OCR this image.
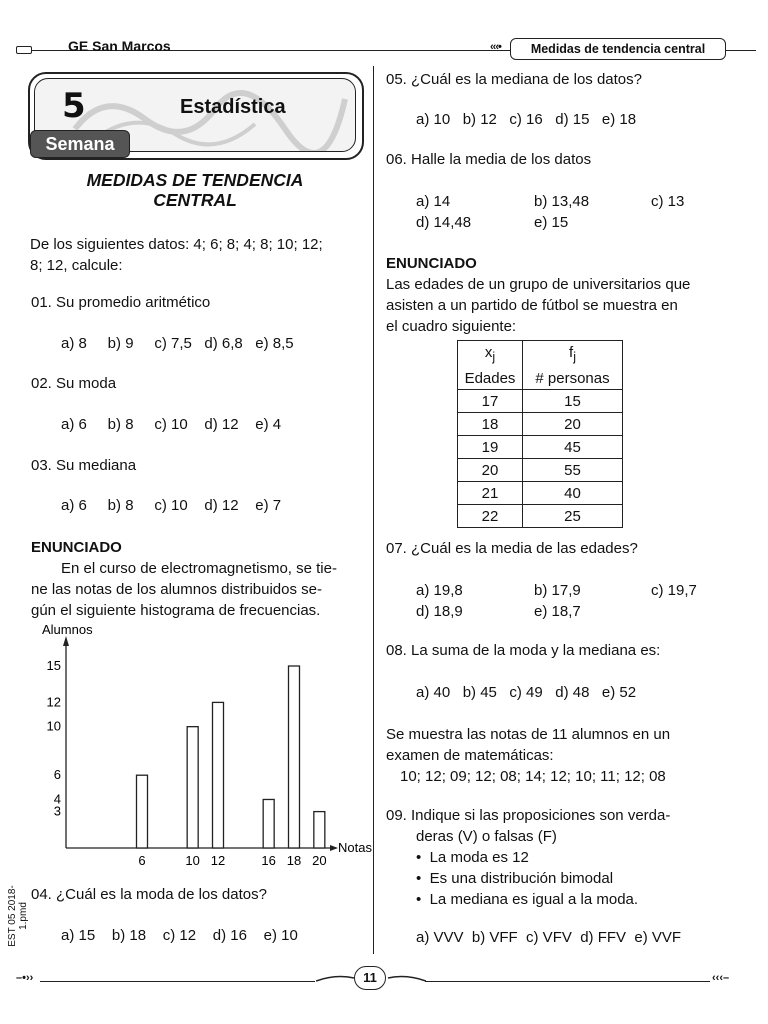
GE San Marcos	‹‹‹•	Medidas de tendencia central
5	Estadística
Semana
MEDIDAS DE TENDENCIA
CENTRAL
De los siguientes datos: 4; 6; 8; 4; 8; 10; 12;
8; 12, calcule:
01. Su promedio aritmético
a) 8     b) 9     c) 7,5   d) 6,8   e) 8,5
02. Su moda
a) 6     b) 8     c) 10    d) 12    e) 4
03. Su mediana
a) 6     b) 8     c) 10    d) 12    e) 7
ENUNCIADO
En el curso de electromagnetismo, se tie-
ne las notas de los alumnos distribuidos se-
gún el siguiente histograma de frecuencias.
Alumnos
Notas
15
12
10
6
4
3
6	10 12	16 18 20
04. ¿Cuál es la moda de los datos?
a) 15    b) 18    c) 12    d) 16    e) 10
05. ¿Cuál es la mediana de los datos?
a) 10   b) 12   c) 16   d) 15   e) 18
06. Halle la media de los datos
a) 14	b) 13,48	c) 13
d) 14,48	e) 15
ENUNCIADO
Las edades de un grupo de universitarios que
asisten a un partido de fútbol se muestra en
el cuadro siguiente:
$x_j$	$f_j$
Edades	# personas
17	15
18	20
19	45
20	55
21	40
22	25
07. ¿Cuál es la media de las edades?
a) 19,8	b) 17,9	c) 19,7
d) 18,9	e) 18,7
08. La suma de la moda y la mediana es:
a) 40   b) 45   c) 49   d) 48   e) 52
Se muestra las notas de 11 alumnos en un
examen de matemáticas:
10; 12; 09; 12; 08; 14; 12; 10; 11; 12; 08
09. Indique si las proposiciones son verda-
deras (V) o falsas (F)
•  La moda es 12
•  Es una distribución bimodal
•  La mediana es igual a la moda.
a) VVV  b) VFF  c) VFV  d) FFV  e) VVF
–•››	‹‹‹–
11
EST 05 2018-1.pmd
